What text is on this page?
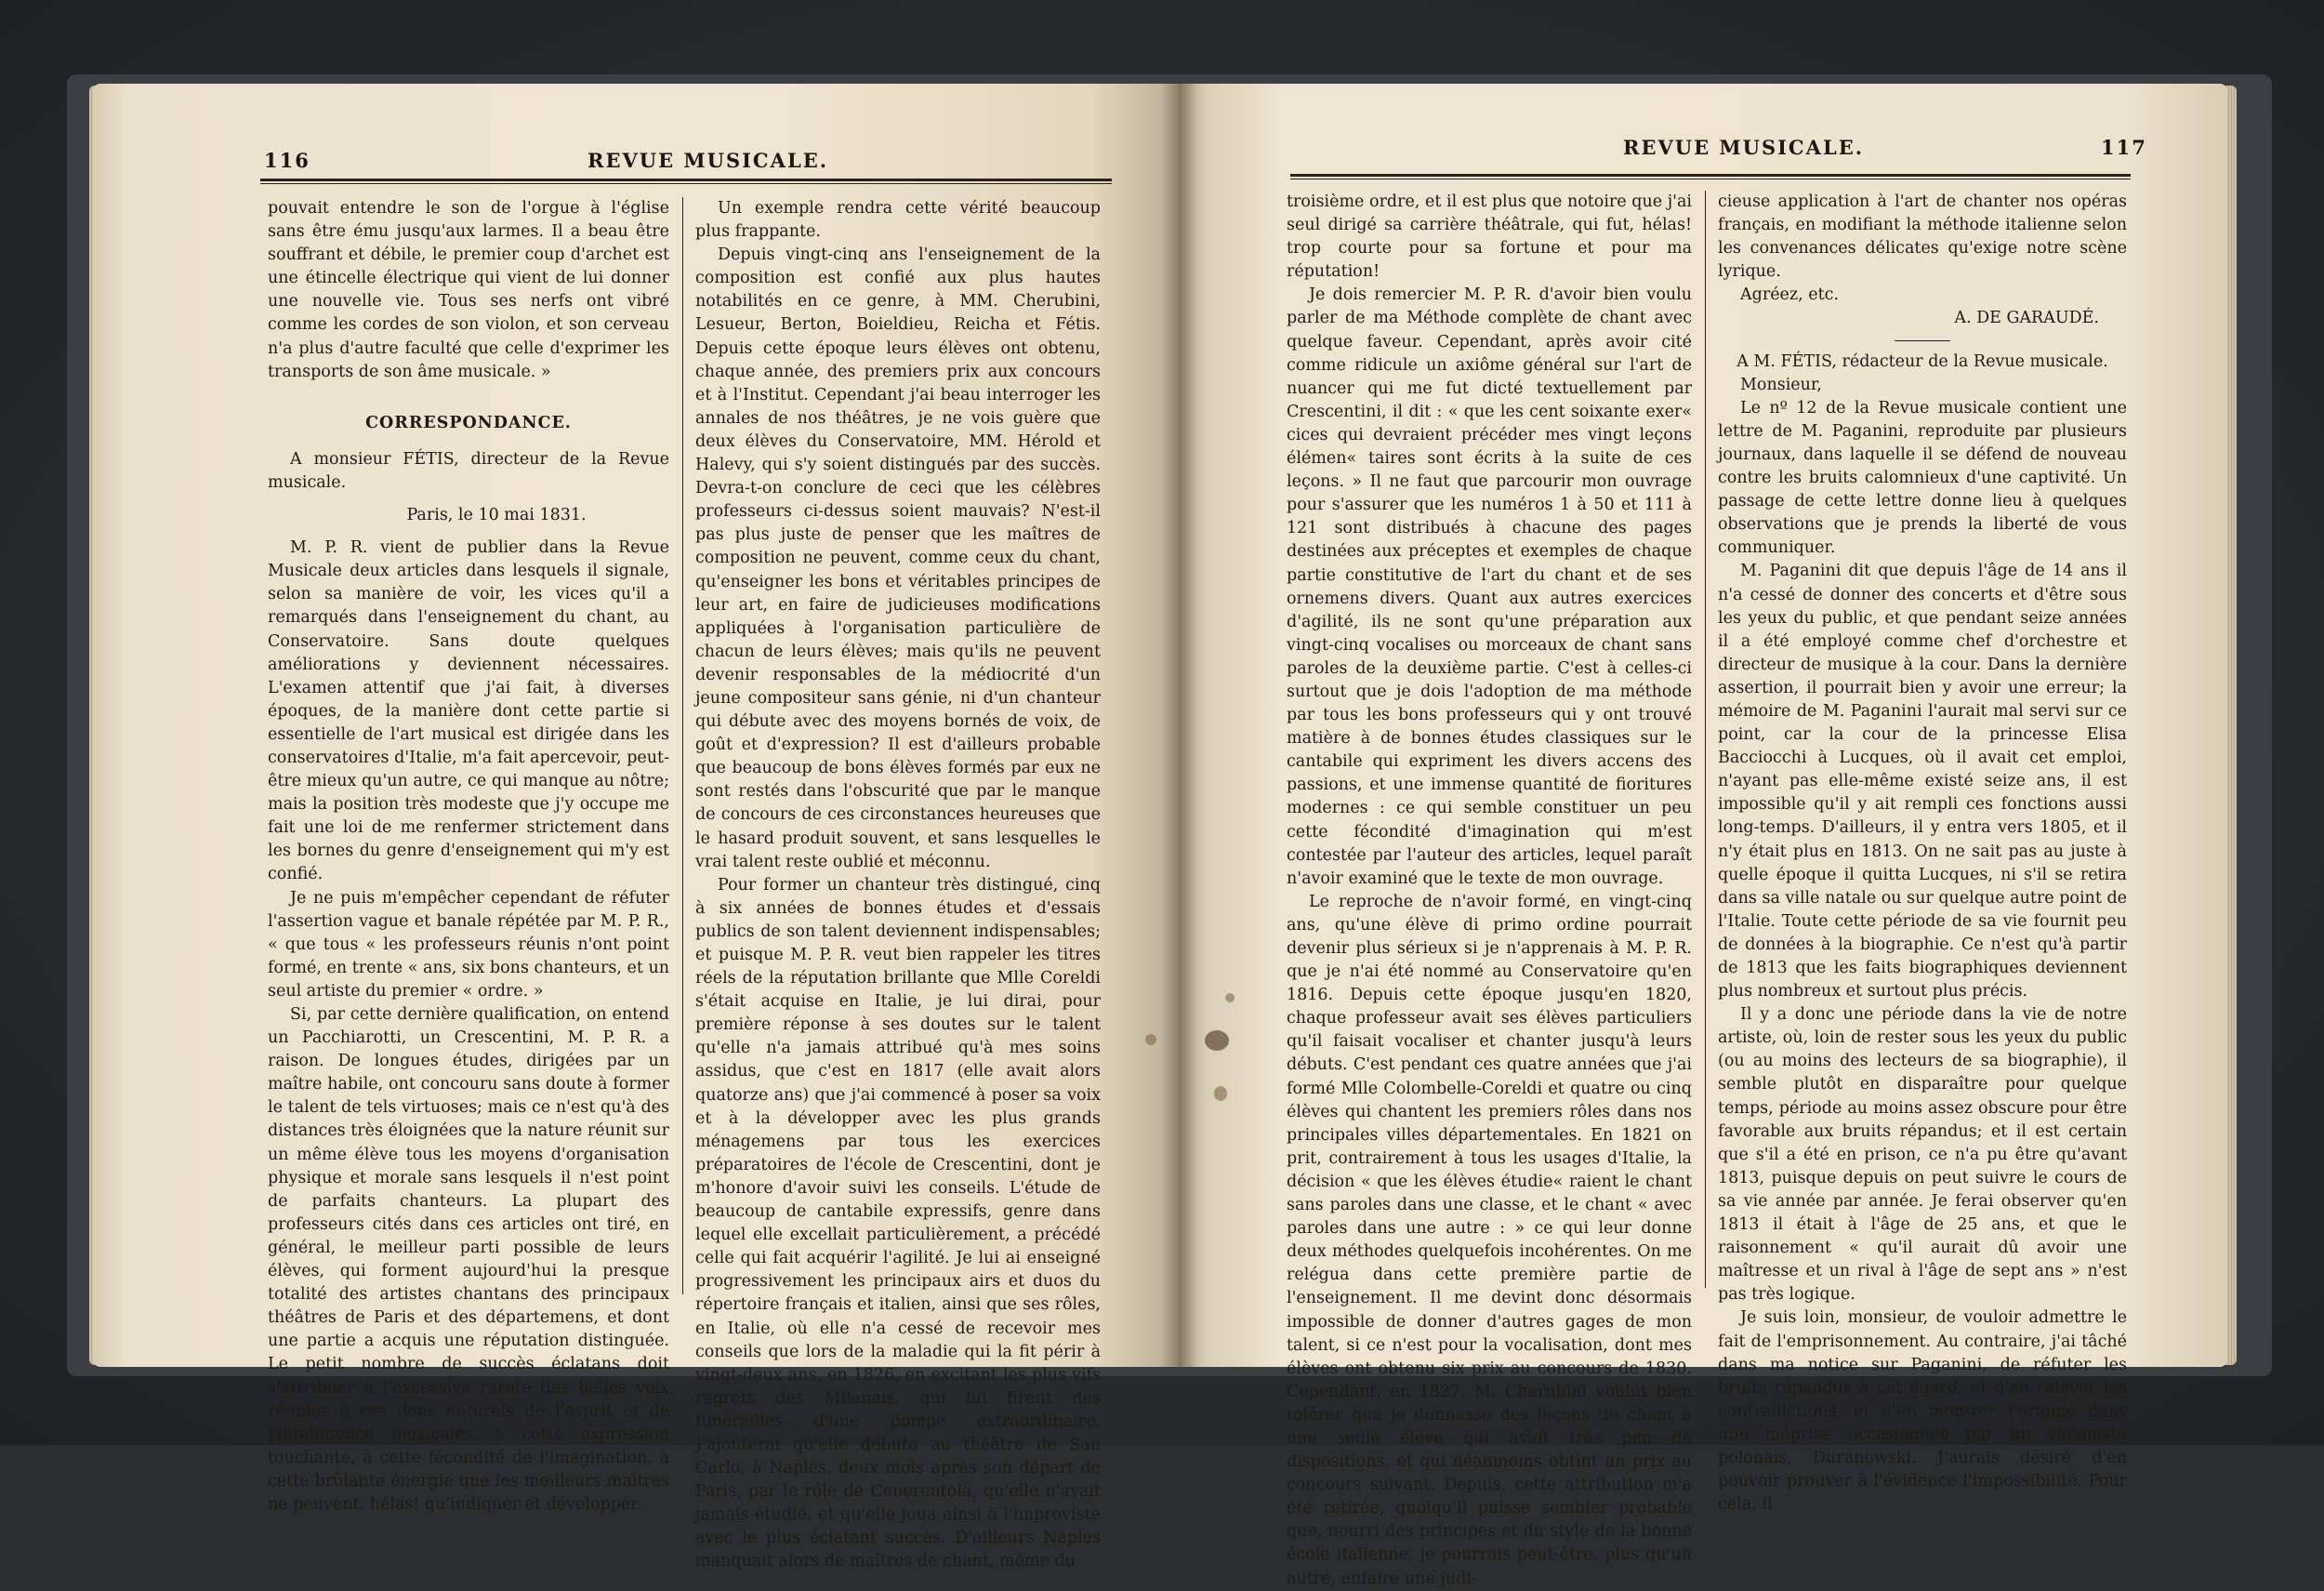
116	REVUE MUSICALE.

pouvait entendre le son de l'orgue à l'église sans être ému jusqu'aux larmes. Il a beau être souffrant et débile, le premier coup d'archet est une étincelle électrique qui vient de lui donner une nouvelle vie. Tous ses nerfs ont vibré comme les cordes de son violon, et son cerveau n'a plus d'autre faculté que celle d'exprimer les transports de son âme musicale. »

CORRESPONDANCE.

A monsieur FÉTIS, directeur de la Revue musicale.

Paris, le 10 mai 1831.

M. P. R. vient de publier dans la Revue Musicale deux articles dans lesquels il signale, selon sa manière de voir, les vices qu'il a remarqués dans l'enseignement du chant, au Conservatoire. Sans doute quelques améliorations y deviennent nécessaires. L'examen attentif que j'ai fait, à diverses époques, de la manière dont cette partie si essentielle de l'art musical est dirigée dans les conservatoires d'Italie, m'a fait apercevoir, peut-être mieux qu'un autre, ce qui manque au nôtre; mais la position très modeste que j'y occupe me fait une loi de me renfermer strictement dans les bornes du genre d'enseignement qui m'y est confié.

Je ne puis m'empêcher cependant de réfuter l'assertion vague et banale répétée par M. P. R., « que tous « les professeurs réunis n'ont point formé, en trente « ans, six bons chanteurs, et un seul artiste du premier « ordre. »

Si, par cette dernière qualification, on entend un Pacchiarotti, un Crescentini, M. P. R. a raison. De longues études, dirigées par un maître habile, ont concouru sans doute à former le talent de tels virtuoses; mais ce n'est qu'à des distances très éloignées que la nature réunit sur un même élève tous les moyens d'organisation physique et morale sans lesquels il n'est point de parfaits chanteurs. La plupart des professeurs cités dans ces articles ont tiré, en général, le meilleur parti possible de leurs élèves, qui forment aujourd'hui la presque totalité des artistes chantans des principaux théâtres de Paris et des départemens, et dont une partie a acquis une réputation distinguée. Le petit nombre de succès éclatans doit s'attribuer à l'excessive rareté des belles voix réunies à ces dons naturels de l'esprit et de l'intelligence musicales, à cette expression touchante, à cette fécondité de l'imagination, à cette brûlante énergie que les meilleurs maîtres ne peuvent, hélas! qu'indiquer et développer.

Un exemple rendra cette vérité beaucoup plus frappante.

Depuis vingt-cinq ans l'enseignement de la composition est confié aux plus hautes notabilités en ce genre, à MM. Cherubini, Lesueur, Berton, Boieldieu, Reicha et Fétis. Depuis cette époque leurs élèves ont obtenu, chaque année, des premiers prix aux concours et à l'Institut. Cependant j'ai beau interroger les annales de nos théâtres, je ne vois guère que deux élèves du Conservatoire, MM. Hérold et Halevy, qui s'y soient distingués par des succès. Devra-t-on conclure de ceci que les célèbres professeurs ci-dessus soient mauvais? N'est-il pas plus juste de penser que les maîtres de composition ne peuvent, comme ceux du chant, qu'enseigner les bons et véritables principes de leur art, en faire de judicieuses modifications appliquées à l'organisation particulière de chacun de leurs élèves; mais qu'ils ne peuvent devenir responsables de la médiocrité d'un jeune compositeur sans génie, ni d'un chanteur qui débute avec des moyens bornés de voix, de goût et d'expression? Il est d'ailleurs probable que beaucoup de bons élèves formés par eux ne sont restés dans l'obscurité que par le manque de concours de ces circonstances heureuses que le hasard produit souvent, et sans lesquelles le vrai talent reste oublié et méconnu.

Pour former un chanteur très distingué, cinq à six années de bonnes études et d'essais publics de son talent deviennent indispensables; et puisque M. P. R. veut bien rappeler les titres réels de la réputation brillante que Mlle Coreldi s'était acquise en Italie, je lui dirai, pour première réponse à ses doutes sur le talent qu'elle n'a jamais attribué qu'à mes soins assidus, que c'est en 1817 (elle avait alors quatorze ans) que j'ai commencé à poser sa voix et à la développer avec les plus grands ménagemens par tous les exercices préparatoires de l'école de Crescentini, dont je m'honore d'avoir suivi les conseils. L'étude de beaucoup de cantabile expressifs, genre dans lequel elle excellait particulièrement, a précédé celle qui fait acquérir l'agilité. Je lui ai enseigné progressivement les principaux airs et duos du répertoire français et italien, ainsi que ses rôles, en Italie, où elle n'a cessé de recevoir mes conseils que lors de la maladie qui la fit périr à vingt-deux ans, en 1826, en excitant les plus vifs regrets des Milanais, qui lui firent des funérailles d'une pompe extraordinaire. J'ajouterai qu'elle débuta au théâtre de San Carlo, à Naples, deux mois après son départ de Paris, par le rôle de Cenerentola, qu'elle n'avait jamais étudié, et qu'elle joua ainsi à l'improviste avec le plus éclatant succès. D'ailleurs Naples manquait alors de maîtres de chant, même du

REVUE MUSICALE.	117

troisième ordre, et il est plus que notoire que j'ai seul dirigé sa carrière théâtrale, qui fut, hélas! trop courte pour sa fortune et pour ma réputation!

Je dois remercier M. P. R. d'avoir bien voulu parler de ma Méthode complète de chant avec quelque faveur. Cependant, après avoir cité comme ridicule un axiôme général sur l'art de nuancer qui me fut dicté textuellement par Crescentini, il dit : « que les cent soixante exer« cices qui devraient précéder mes vingt leçons élémen« taires sont écrits à la suite de ces leçons. » Il ne faut que parcourir mon ouvrage pour s'assurer que les numéros 1 à 50 et 111 à 121 sont distribués à chacune des pages destinées aux préceptes et exemples de chaque partie constitutive de l'art du chant et de ses ornemens divers. Quant aux autres exercices d'agilité, ils ne sont qu'une préparation aux vingt-cinq vocalises ou morceaux de chant sans paroles de la deuxième partie. C'est à celles-ci surtout que je dois l'adoption de ma méthode par tous les bons professeurs qui y ont trouvé matière à de bonnes études classiques sur le cantabile qui expriment les divers accens des passions, et une immense quantité de fioritures modernes : ce qui semble constituer un peu cette fécondité d'imagination qui m'est contestée par l'auteur des articles, lequel paraît n'avoir examiné que le texte de mon ouvrage.

Le reproche de n'avoir formé, en vingt-cinq ans, qu'une élève di primo ordine pourrait devenir plus sérieux si je n'apprenais à M. P. R. que je n'ai été nommé au Conservatoire qu'en 1816. Depuis cette époque jusqu'en 1820, chaque professeur avait ses élèves particuliers qu'il faisait vocaliser et chanter jusqu'à leurs débuts. C'est pendant ces quatre années que j'ai formé Mlle Colombelle-Coreldi et quatre ou cinq élèves qui chantent les premiers rôles dans nos principales villes départementales. En 1821 on prit, contrairement à tous les usages d'Italie, la décision « que les élèves étudie« raient le chant sans paroles dans une classe, et le chant « avec paroles dans une autre : » ce qui leur donne deux méthodes quelquefois incohérentes. On me relégua dans cette première partie de l'enseignement. Il me devint donc désormais impossible de donner d'autres gages de mon talent, si ce n'est pour la vocalisation, dont mes élèves ont obtenu six prix au concours de 1830. Cependant, en 1827, M. Cherubini voulut bien tolérer que je donnasse des leçons de chant à une seule élève qui avait très peu de dispositions, et qui néanmoins obtint un prix au concours suivant. Depuis, cette attribution m'a été retirée, quoiqu'il puisse sembler probable que, nourri des principes et du style de la bonne école italienne, je pourrais peut-être, plus qu'un autre, enfaire une judi-

cieuse application à l'art de chanter nos opéras français, en modifiant la méthode italienne selon les convenances délicates qu'exige notre scène lyrique.

Agréez, etc.

A. DE GARAUDÉ.

A M. FÉTIS, rédacteur de la Revue musicale.

Monsieur,

Le nº 12 de la Revue musicale contient une lettre de M. Paganini, reproduite par plusieurs journaux, dans laquelle il se défend de nouveau contre les bruits calomnieux d'une captivité. Un passage de cette lettre donne lieu à quelques observations que je prends la liberté de vous communiquer.

M. Paganini dit que depuis l'âge de 14 ans il n'a cessé de donner des concerts et d'être sous les yeux du public, et que pendant seize années il a été employé comme chef d'orchestre et directeur de musique à la cour. Dans la dernière assertion, il pourrait bien y avoir une erreur; la mémoire de M. Paganini l'aurait mal servi sur ce point, car la cour de la princesse Elisa Bacciocchi à Lucques, où il avait cet emploi, n'ayant pas elle-même existé seize ans, il est impossible qu'il y ait rempli ces fonctions aussi long-temps. D'ailleurs, il y entra vers 1805, et il n'y était plus en 1813. On ne sait pas au juste à quelle époque il quitta Lucques, ni s'il se retira dans sa ville natale ou sur quelque autre point de l'Italie. Toute cette période de sa vie fournit peu de données à la biographie. Ce n'est qu'à partir de 1813 que les faits biographiques deviennent plus nombreux et surtout plus précis.

Il y a donc une période dans la vie de notre artiste, où, loin de rester sous les yeux du public (ou au moins des lecteurs de sa biographie), il semble plutôt en disparaître pour quelque temps, période au moins assez obscure pour être favorable aux bruits répandus; et il est certain que s'il a été en prison, ce n'a pu être qu'avant 1813, puisque depuis on peut suivre le cours de sa vie année par année. Je ferai observer qu'en 1813 il était à l'âge de 25 ans, et que le raisonnement « qu'il aurait dû avoir une maîtresse et un rival à l'âge de sept ans » n'est pas très logique.

Je suis loin, monsieur, de vouloir admettre le fait de l'emprisonnement. Au contraire, j'ai tâché dans ma notice sur Paganini, de réfuter les bruits répandus à cet égard, et d'en relever les contradictions, et d'en montrer l'origine dans une méprise occasionnée par un violoniste polonais, Duranowski. J'aurais désiré d'en pouvoir prouver à l'évidence l'impossibilité. Pour cela, il
